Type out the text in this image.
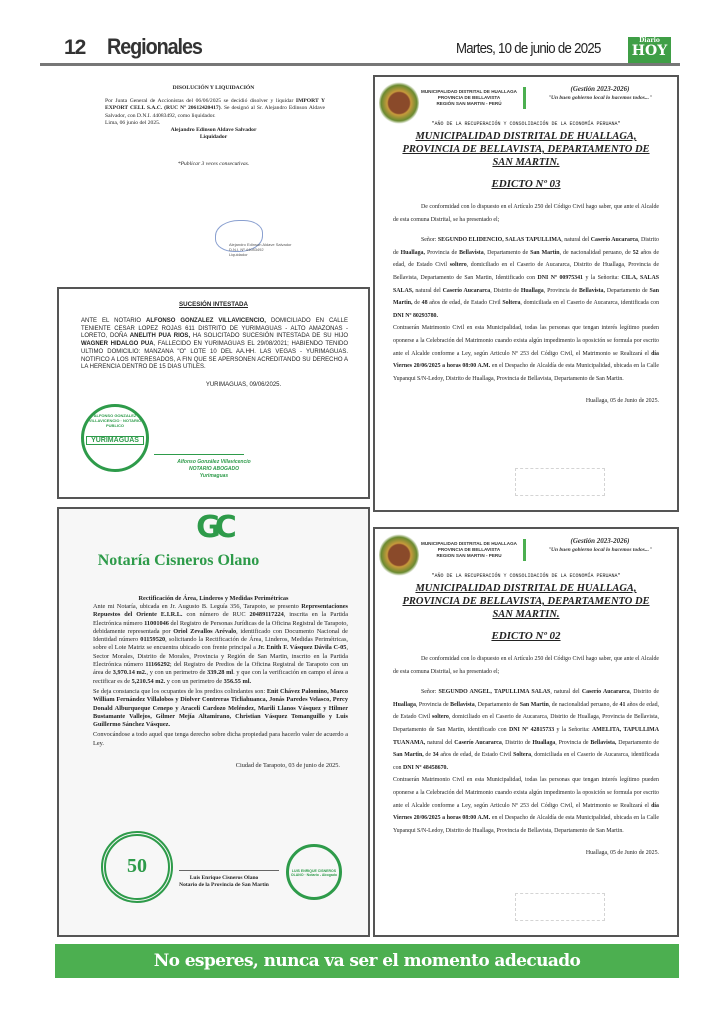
12 Regionales	Martes, 10 de junio de 2025	Diario
HOY
DISOLUCIÓN Y LIQUIDACIÓN
Por Junta General de Accionistas del 06/06/2025 se decidió disolver y liquidar IMPORT Y EXPORT CELL S.A.C. (RUC Nº 20612420417). Se designó al Sr. Alejandro Edinson Aldave Salvador, con D.N.I. 44083492, como liquidador.
Lima, 06 junio del 2025.
Alejandro Edinson Aldave Salvador
Liquidador
*Publicar 3 veces consecutivas.
Alejandro Edinson Aldave Salvador
D.N.I. Nº 44083492
Liquidador
SUCESIÓN INTESTADA
ANTE EL NOTARIO ALFONSO GONZALEZ VILLAVICENCIO, DOMICILIADO EN CALLE TENIENTE CESAR LOPEZ ROJAS 611 DISTRITO DE YURIMAGUAS - ALTO AMAZONAS - LORETO, DOÑA ANELITH PUA RIOS, HA SOLICITADO SUCESIÓN INTESTADA DE SU HIJO WAGNER HIDALGO PUA, FALLECIDO EN YURIMAGUAS EL 29/08/2021; HABIENDO TENIDO ULTIMO DOMICILIO: MANZANA "O" LOTE 10 DEL AA.HH. LAS VEGAS - YURIMAGUAS. NOTIFICO A LOS INTERESADOS, A FIN QUE SE APERSONEN ACREDITANDO SU DERECHO A LA HERENCIA DENTRO DE 15 DIAS UTILES.
YURIMAGUAS, 09/06/2025.
ALFONSO GONZALEZ VILLAVICENCIO · NOTARIO PUBLICO
YURIMAGUAS
Alfonso González Villavicencio
NOTARIO ABOGADO
Yurimaguas
GC
Notaría Cisneros Olano
Rectificación de Área, Linderos y Medidas Perimétricas
Ante mi Notaría, ubicada en Jr. Augusto B. Leguía 356, Tarapoto, se presento Representaciones Repuestos del Oriente E.I.R.L. con número de RUC 20489117224, inscrita en la Partida Electrónica número 11001046 del Registro de Personas Jurídicas de la Oficina Registral de Tarapoto, debidamente representada por Oriol Zevallos Arévalo, identificado con Documento Nacional de Identidad número 01159520, solicitando la Rectificación de Área, Linderos, Medidas Perimétricas, sobre el Lote Matriz se encuentra ubicado con frente principal a Jr. Enith F. Vásquez Dávila C-05, Sector Morales, Distrito de Morales, Provincia y Región de San Martin, inscrito en la Partida Electrónica número 11166292; del Registro de Predios de la Oficina Registral de Tarapoto con un área de 3,970.14 m2., y con un perimetro de 339.28 ml. y que con la verificación en campo el área a rectificar es de 5,210.54 m2. y con un perimetro de 356.55 ml.
Se deja constancia que los ocupantes de los predios colindantes son: Enit Chávez Palomino, Marco William Fernández Villalobos y Diolver Contreras Ticliahuanca, Jonás Paredes Velasco, Percy Donald Alburqueque Cenepo y Araceli Cardozo Meléndez, Marili Llanos Vásquez y Hilmer Bustamante Vallejos, Gilmer Mejía Altamirano, Christian Vásquez Tomanguillo y Luis Guillermo Sánchez Vásquez.
Convocándose a todo aquel que tenga derecho sobre dicha propiedad para hacerlo valer de acuerdo a Ley.
Ciudad de Tarapoto, 03 de junio de 2025.
50	LUIS ENRIQUE CISNEROS OLANO · Notario - Abogado
Luis Enrique Cisneros Olano
Notario de la Provincia de San Martin
MUNICIPALIDAD DISTRITAL DE HUALLAGA
PROVINCIA DE BELLAVISTA
REGIÓN SAN MARTIN - PERÚ
(Gestión 2023-2026)
"Un buen gobierno local lo hacemos todos..."
"AÑO DE LA RECUPERACIÓN Y CONSOLIDACIÓN DE LA ECONOMÍA PERUANA"
MUNICIPALIDAD DISTRITAL DE HUALLAGA, PROVINCIA DE BELLAVISTA, DEPARTAMENTO DE SAN MARTIN.
EDICTO Nº 03
De conformidad con lo dispuesto en el Artículo 250 del Código Civil hago saber, que ante el Alcalde de esta comuna Distrital, se ha presentado el;
Señor: SEGUNDO ELIDENCIO, SALAS TAPULLIMA, natural del Caserío Aucararca, Distrito de Huallaga, Provincia de Bellavista, Departamento de San Martin, de nacionalidad peruano, de 52 años de edad, de Estado Civil soltero, domiciliado en el Caserio de Aucararca, Distrito de Huallaga, Provincia de Bellavista, Departamento de San Martin, Identificado con DNI Nº 00975341 y la Señorita: CILA, SALAS SALAS, natural del Caserío Aucararca, Distrito de Huallaga, Provincia de Bellavista, Departamento de San Martin, de 48 años de edad, de Estado Civil Soltera, domiciliada en el Caserio de Aucararca, identificada con DNI Nº 80293780.
Contraerán Matrimonio Civil en esta Municipalidad, todas las personas que tengan interés legítimo pueden oponerse a la Celebración del Matrimonio cuando exista algún impedimento la oposición se formula por escrito ante el Alcalde conforme a Ley, según Articulo Nº 253 del Código Civil, el Matrimonio se Realizará el día Viernes 20/06/2025 a horas 08:00 A.M. en el Despacho de Alcaldía de esta Municipalidad, ubicada en la Calle Yupanqui S/N-Ledoy, Distrito de Huallaga, Provincia de Bellavista, Departamento de San Martin.
Huallaga, 05 de Junio de 2025.
MUNICIPALIDAD DISTRITAL DE HUALLAGA
PROVINCIA DE BELLAVISTA
REGION SAN MARTIN - PERU
(Gestión 2023-2026)
"Un buen gobierno local lo hacemos todos..."
"AÑO DE LA RECUPERACIÓN Y CONSOLIDACIÓN DE LA ECONOMÍA PERUANA"
MUNICIPALIDAD DISTRITAL DE HUALLAGA, PROVINCIA DE BELLAVISTA, DEPARTAMENTO DE SAN MARTIN.
EDICTO Nº 02
De conformidad con lo dispuesto en el Artículo 250 del Código Civil hago saber, que ante el Alcalde de esta comuna Distrital, se ha presentado el;
Señor: SEGUNDO ANGEL, TAPULLIMA SALAS, natural del Caserío Aucararca, Distrito de Huallaga, Provincia de Bellavista, Departamento de San Martin, de nacionalidad peruano, de 41 años de edad, de Estado Civil soltero, domiciliado en el Caserio de Aucararca, Distrito de Huallaga, Provincia de Bellavista, Departamento de San Martin, identificado con DNI Nº 42815733 y la Señorita: AMELITA, TAPULLIMA TUANAMA, natural del Caserío Aucararca, Distrito de Huallaga, Provincia de Bellavista, Departamento de San Martin, de 34 años de edad, de Estado Civil Soltera, domiciliada en el Caserio de Aucararca, identificada con DNI Nº 48458670.
Contraerán Matrimonio Civil en esta Municipalidad, todas las personas que tengan interés legítimo pueden oponerse a la Celebración del Matrimonio cuando exista algún impedimento la oposición se formula por escrito ante el Alcalde conforme a Ley, según Articulo Nº 253 del Código Civil, el Matrimonio se Realizará el día Viernes 20/06/2025 a horas 08:00 A.M. en el Despacho de Alcaldía de esta Municipalidad, ubicada en la Calle Yupanqui S/N-Ledoy, Distrito de Huallaga, Provincia de Bellavista, Departamento de San Martin.
Huallaga, 05 de Junio de 2025.
No esperes, nunca va ser el momento adecuado
